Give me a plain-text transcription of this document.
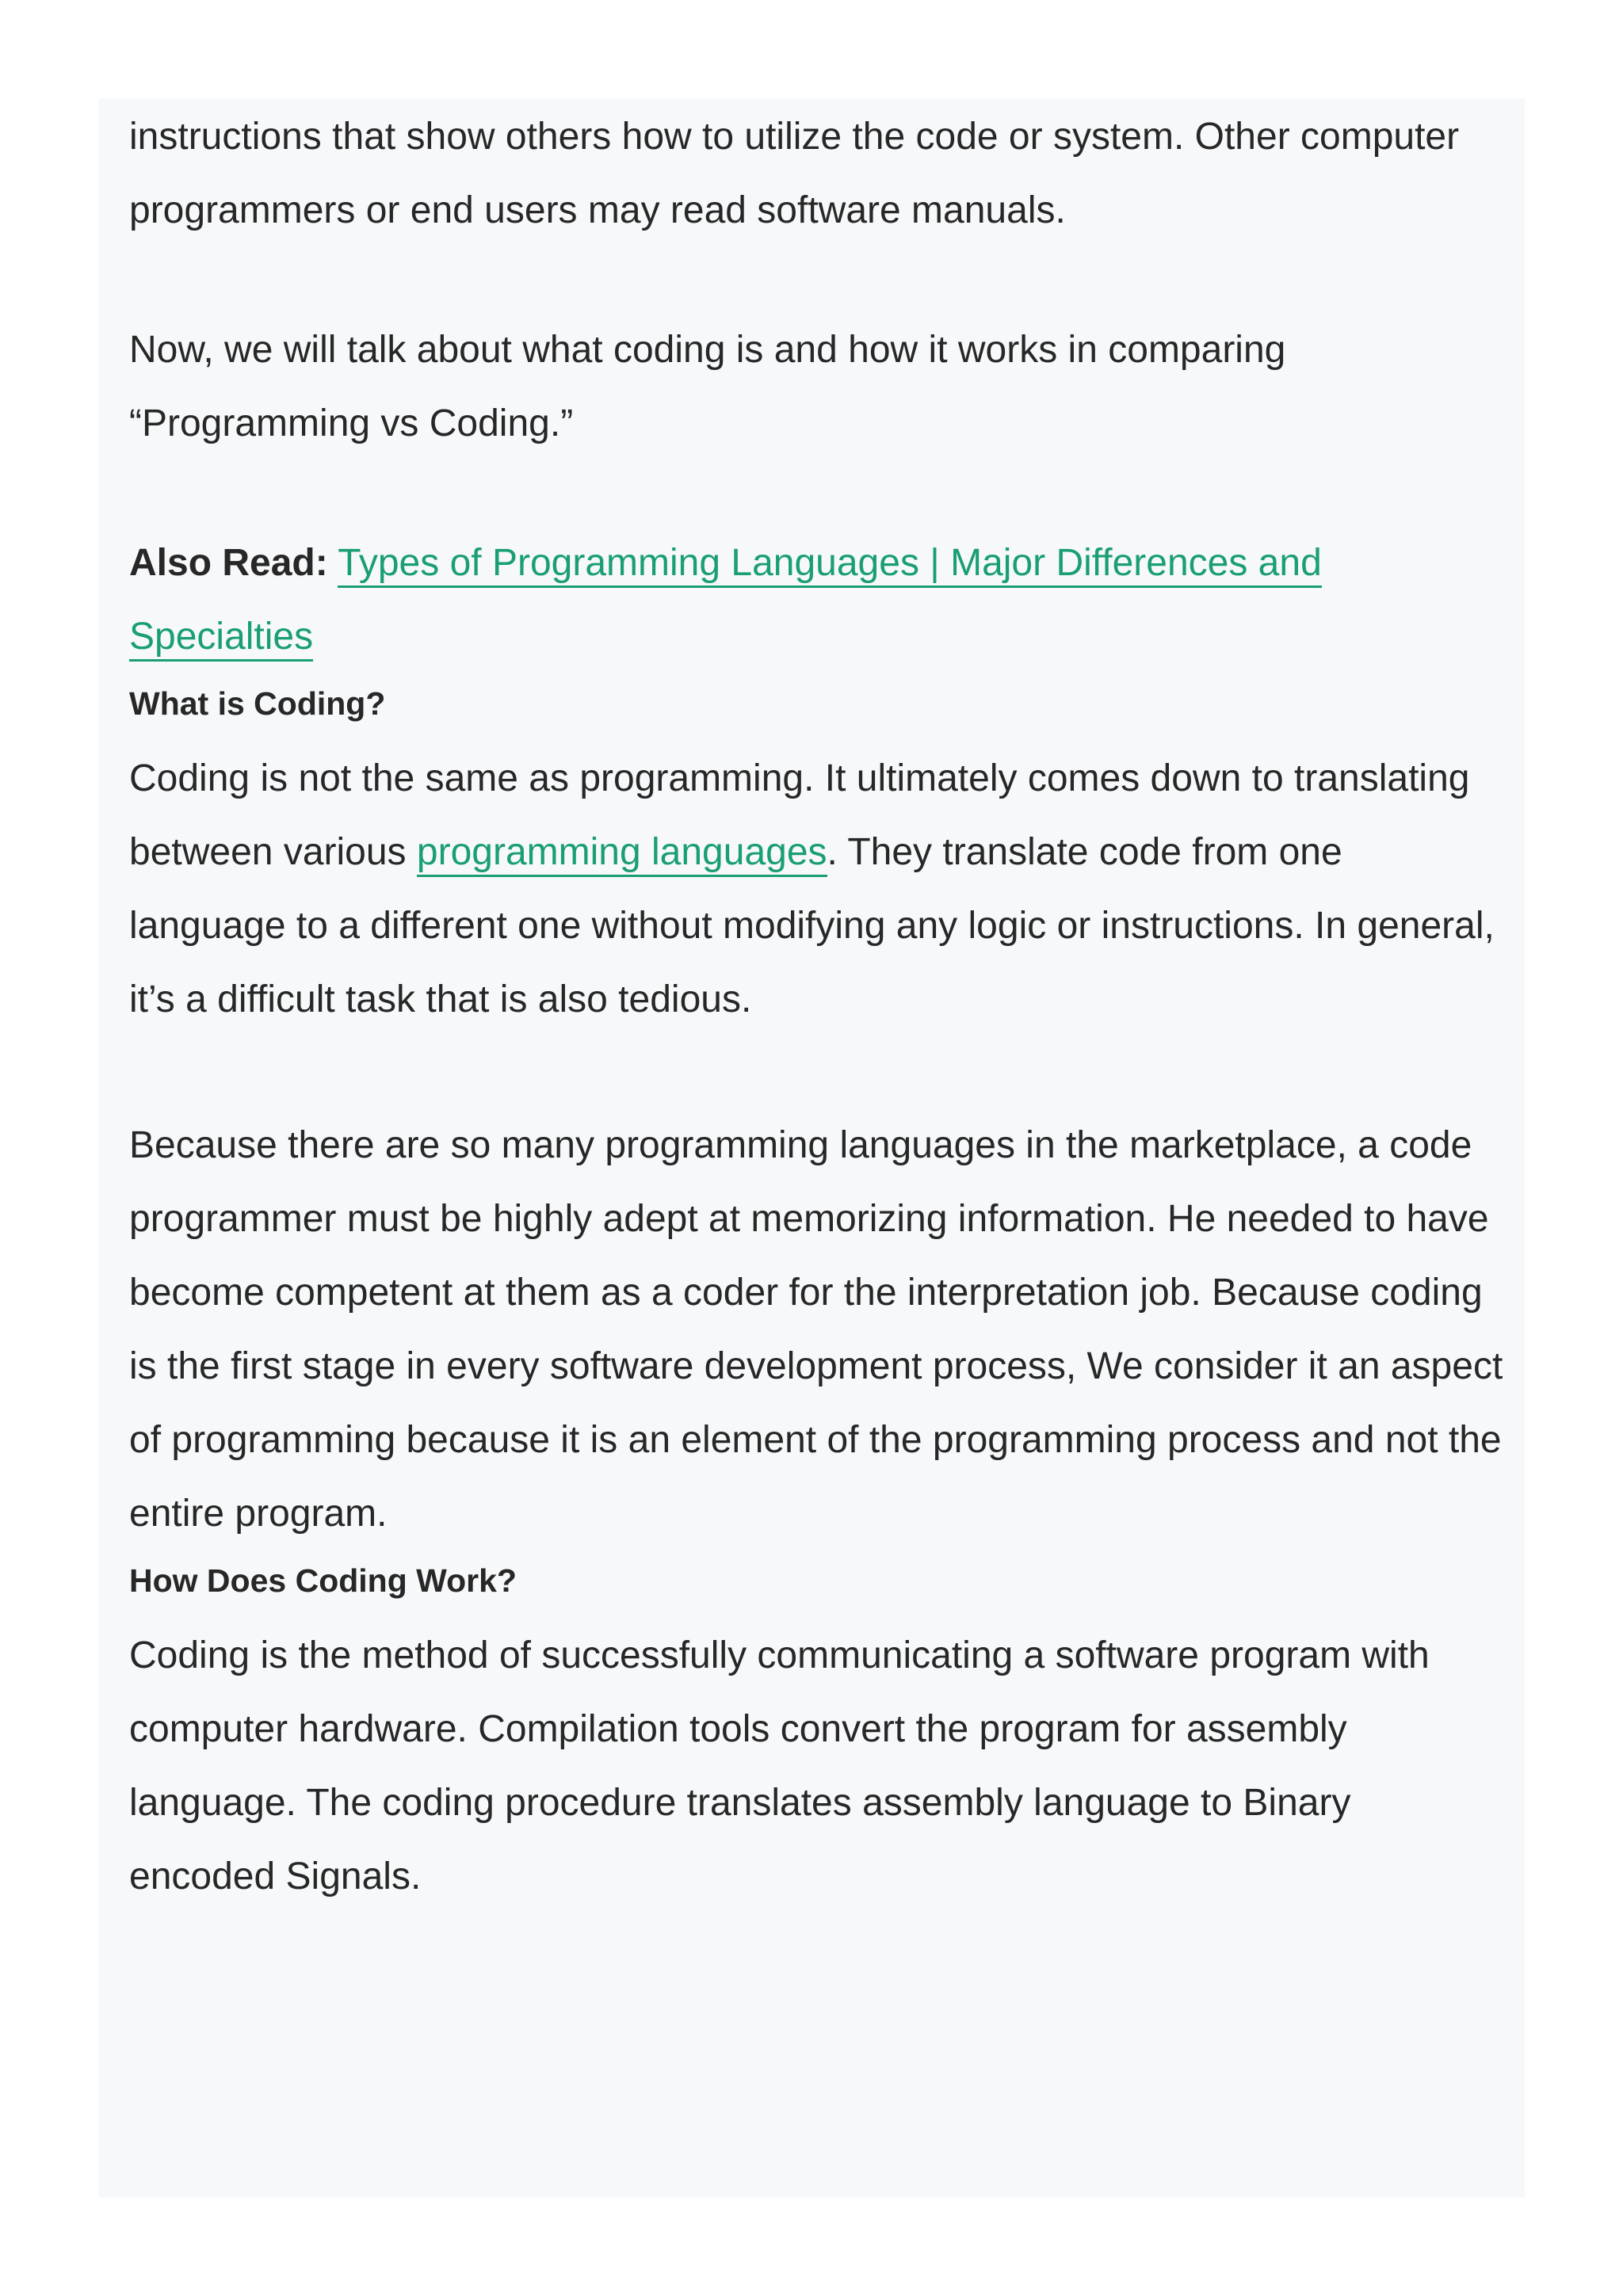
instructions that show others how to utilize the code or system. Other computer programmers or end users may read software manuals.

Now, we will talk about what coding is and how it works in comparing “Programming vs Coding.”

Also Read: Types of Programming Languages | Major Differences and Specialties

What is Coding?

Coding is not the same as programming. It ultimately comes down to translating between various programming languages. They translate code from one language to a different one without modifying any logic or instructions. In general, it’s a difficult task that is also tedious.

Because there are so many programming languages in the marketplace, a code programmer must be highly adept at memorizing information. He needed to have become competent at them as a coder for the interpretation job. Because coding is the first stage in every software development process, We consider it an aspect of programming because it is an element of the programming process and not the entire program.

How Does Coding Work?

Coding is the method of successfully communicating a software program with computer hardware. Compilation tools convert the program for assembly language. The coding procedure translates assembly language to Binary encoded Signals.
